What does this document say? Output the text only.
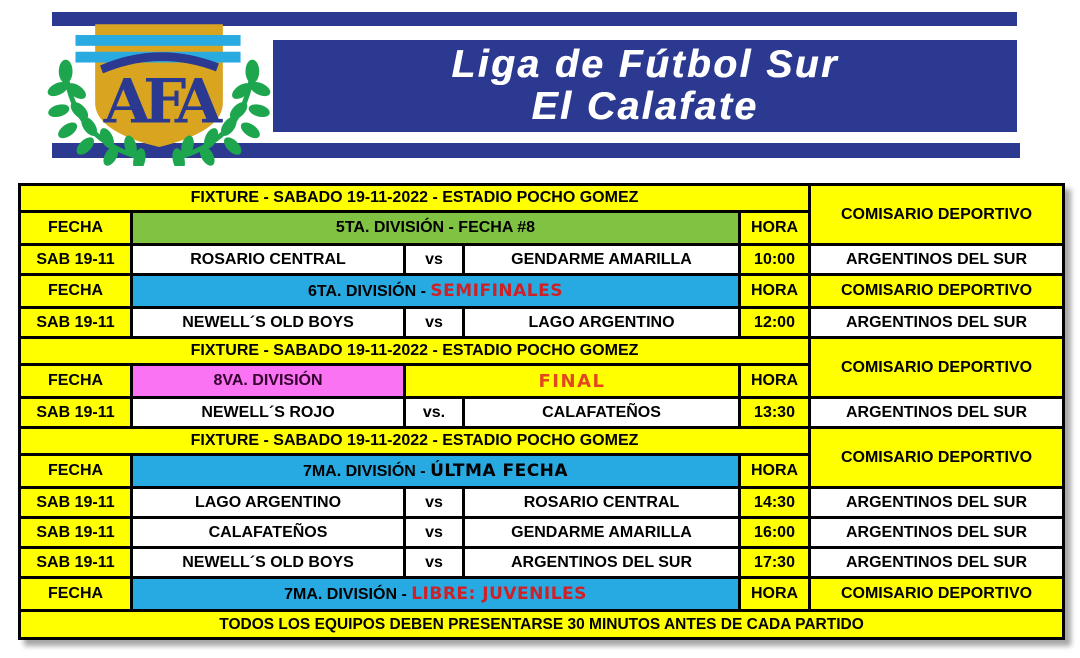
Liga de Fútbol Sur
El Calafate
AFA
FIXTURE - SABADO 19-11-2022 - ESTADIO POCHO GOMEZ					COMISARIO DEPORTIVO
FECHA	5TA. DIVISIÓN - FECHA #8			HORA	
SAB 19-11	ROSARIO CENTRAL	vs	GENDARME AMARILLA	10:00	ARGENTINOS DEL SUR
FECHA	6TA. DIVISIÓN - SEMIFINALES			HORA	COMISARIO DEPORTIVO
SAB 19-11	NEWELL´S OLD BOYS	vs	LAGO ARGENTINO	12:00	ARGENTINOS DEL SUR
FIXTURE - SABADO 19-11-2022 - ESTADIO POCHO GOMEZ					COMISARIO DEPORTIVO
FECHA	8VA. DIVISIÓN	FINAL		HORA	
SAB 19-11	NEWELL´S ROJO	vs.	CALAFATEÑOS	13:30	ARGENTINOS DEL SUR
FIXTURE - SABADO 19-11-2022 - ESTADIO POCHO GOMEZ					COMISARIO DEPORTIVO
FECHA	7MA. DIVISIÓN - ÚLTMA FECHA			HORA	
SAB 19-11	LAGO ARGENTINO	vs	ROSARIO CENTRAL	14:30	ARGENTINOS DEL SUR
SAB 19-11	CALAFATEÑOS	vs	GENDARME AMARILLA	16:00	ARGENTINOS DEL SUR
SAB 19-11	NEWELL´S OLD BOYS	vs	ARGENTINOS DEL SUR	17:30	ARGENTINOS DEL SUR
FECHA	7MA. DIVISIÓN - LIBRE: JUVENILES			HORA	COMISARIO DEPORTIVO
TODOS LOS EQUIPOS DEBEN PRESENTARSE 30 MINUTOS ANTES DE CADA PARTIDO					
